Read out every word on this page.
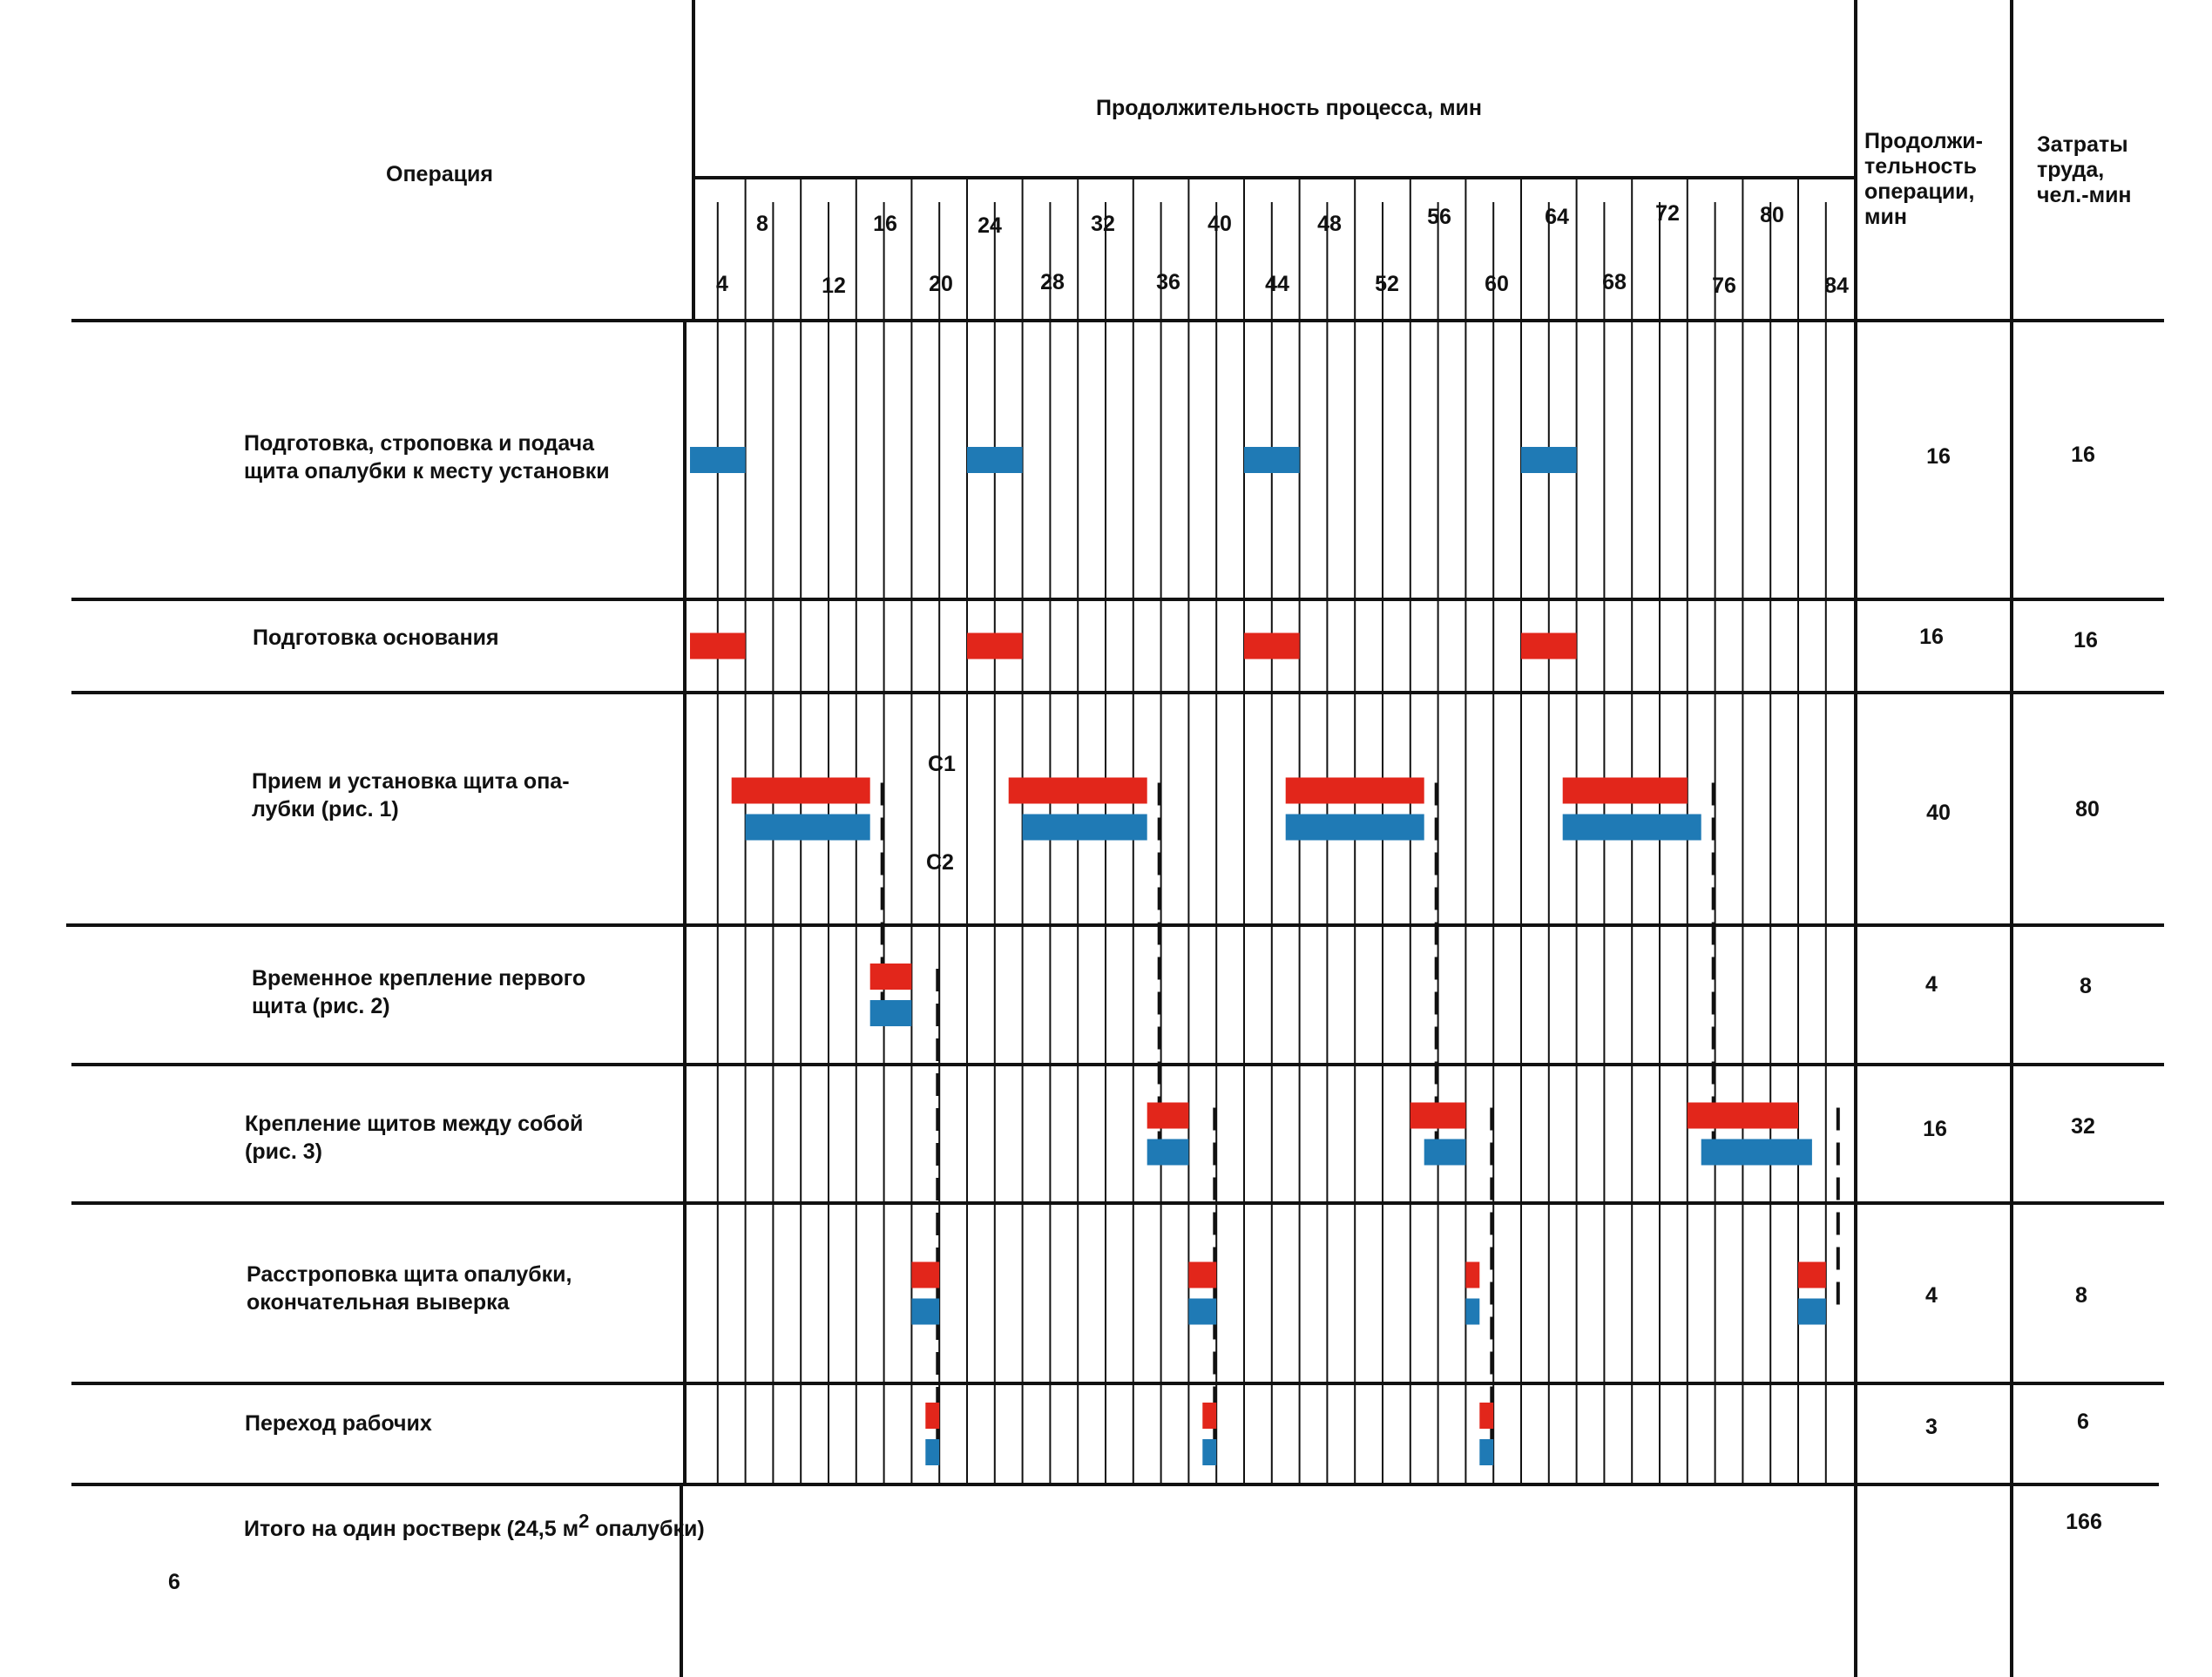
Операция
Продолжительность процесса, мин
Продолжи-
тельность
операции,
мин
Затраты
труда,
чел.-мин
8	16	24	32	40	48	56	64	72	80
4	12	20	28	36	44	52	60	68	76	84
С1
С2
Подготовка, строповка и подача
щита опалубки к месту установки
16	16
Подготовка основания	16	16
Прием и установка щита опа-
лубки (рис. 1)	40	80
Временное крепление первого
щита (рис. 2)
4	8
Крепление щитов между собой
(рис. 3)
16	32
Расстроповка щита опалубки,
окончательная выверка	4	8
Переход рабочих	3	6
Итого на один ростверк (24,5 м2 опалубки)	166
6
